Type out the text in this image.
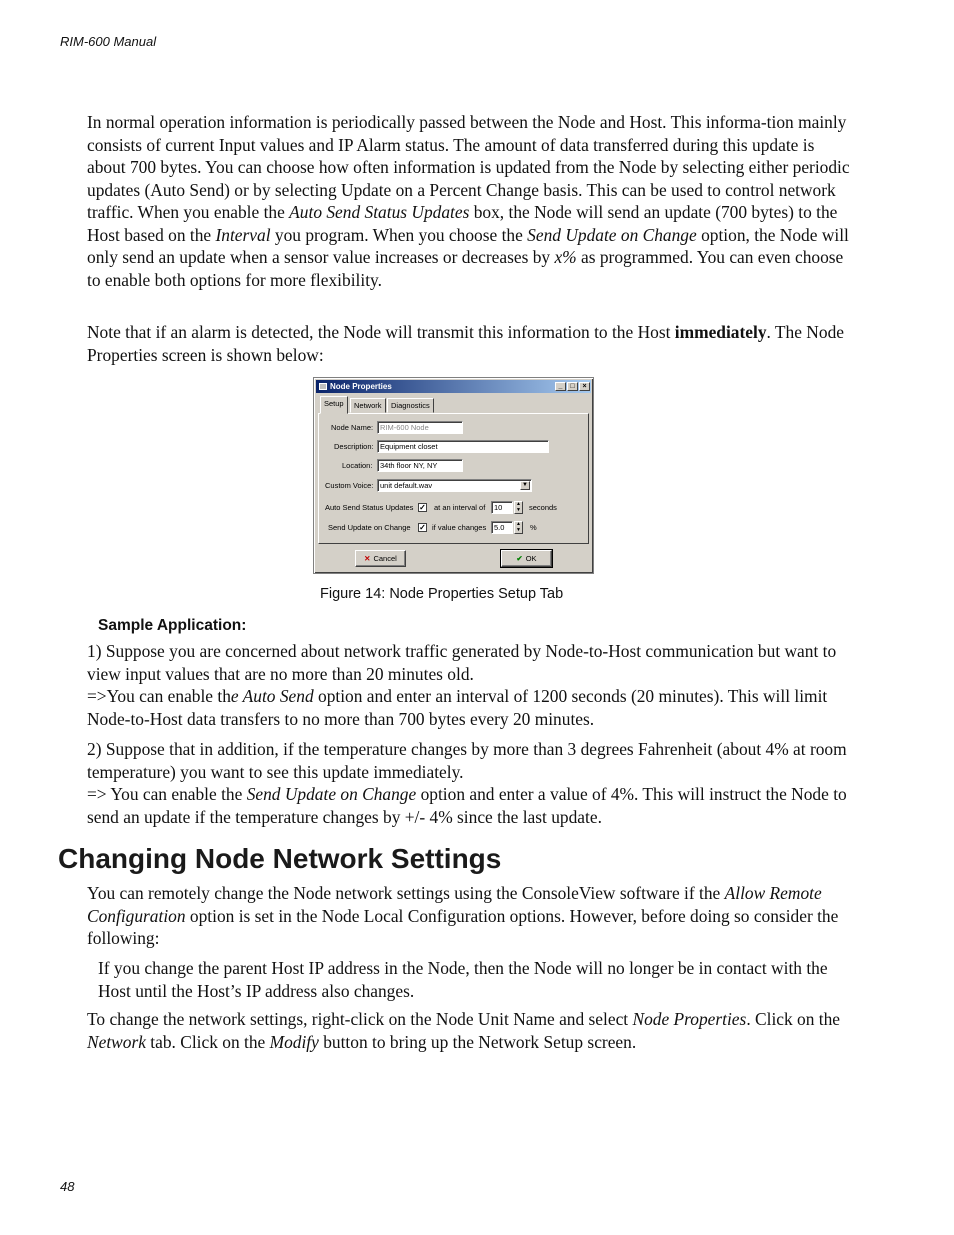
RIM-600 Manual

In normal operation information is periodically passed between the Node and Host. This informa-tion mainly consists of current Input values and IP Alarm status. The amount of data transferred during this update is about 700 bytes. You can choose how often information is updated from the Node by selecting either periodic updates (Auto Send) or by selecting Update on a Percent Change basis. This can be used to control network traffic. When you enable the Auto Send Status Updates box, the Node will send an update (700 bytes) to the Host based on the Interval you program. When you choose the Send Update on Change option, the Node will only send an update when a sensor value increases or decreases by x% as programmed. You can even choose to enable both options for more flexibility.

Note that if an alarm is detected, the Node will transmit this information to the Host immediately. The Node Properties screen is shown below:

Node Properties	_	□	×
Setup	Network	Diagnostics
Node Name: RIM-600 Node
Description: Equipment closet
Location:	34th floor NY, NY
Custom Voice: unit default.wav	▼
Auto Send Status Updates ✓ at an interval of	10	▲
▼ seconds
Send Update on Change ✓ if value changes	5.0	▲
▼ %
✕ Cancel	✔ OK
Figure 14: Node Properties Setup Tab
Sample Application:

1) Suppose you are concerned about network traffic generated by Node-to-Host communication but want to view input values that are no more than 20 minutes old.
=>You can enable the Auto Send option and enter an interval of 1200 seconds (20 minutes). This will limit Node-to-Host data transfers to no more than 700 bytes every 20 minutes.

2) Suppose that in addition, if the temperature changes by more than 3 degrees Fahrenheit (about 4% at room temperature) you want to see this update immediately.
=> You can enable the Send Update on Change option and enter a value of 4%. This will instruct the Node to send an update if the temperature changes by +/- 4% since the last update.

Changing Node Network Settings

You can remotely change the Node network settings using the ConsoleView software if the Allow Remote Configuration option is set in the Node Local Configuration options. However, before doing so consider the following:

If you change the parent Host IP address in the Node, then the Node will no longer be in contact with the Host until the Host’s IP address also changes.

To change the network settings, right-click on the Node Unit Name and select Node Properties. Click on the Network tab. Click on the Modify button to bring up the Network Setup screen.

48
